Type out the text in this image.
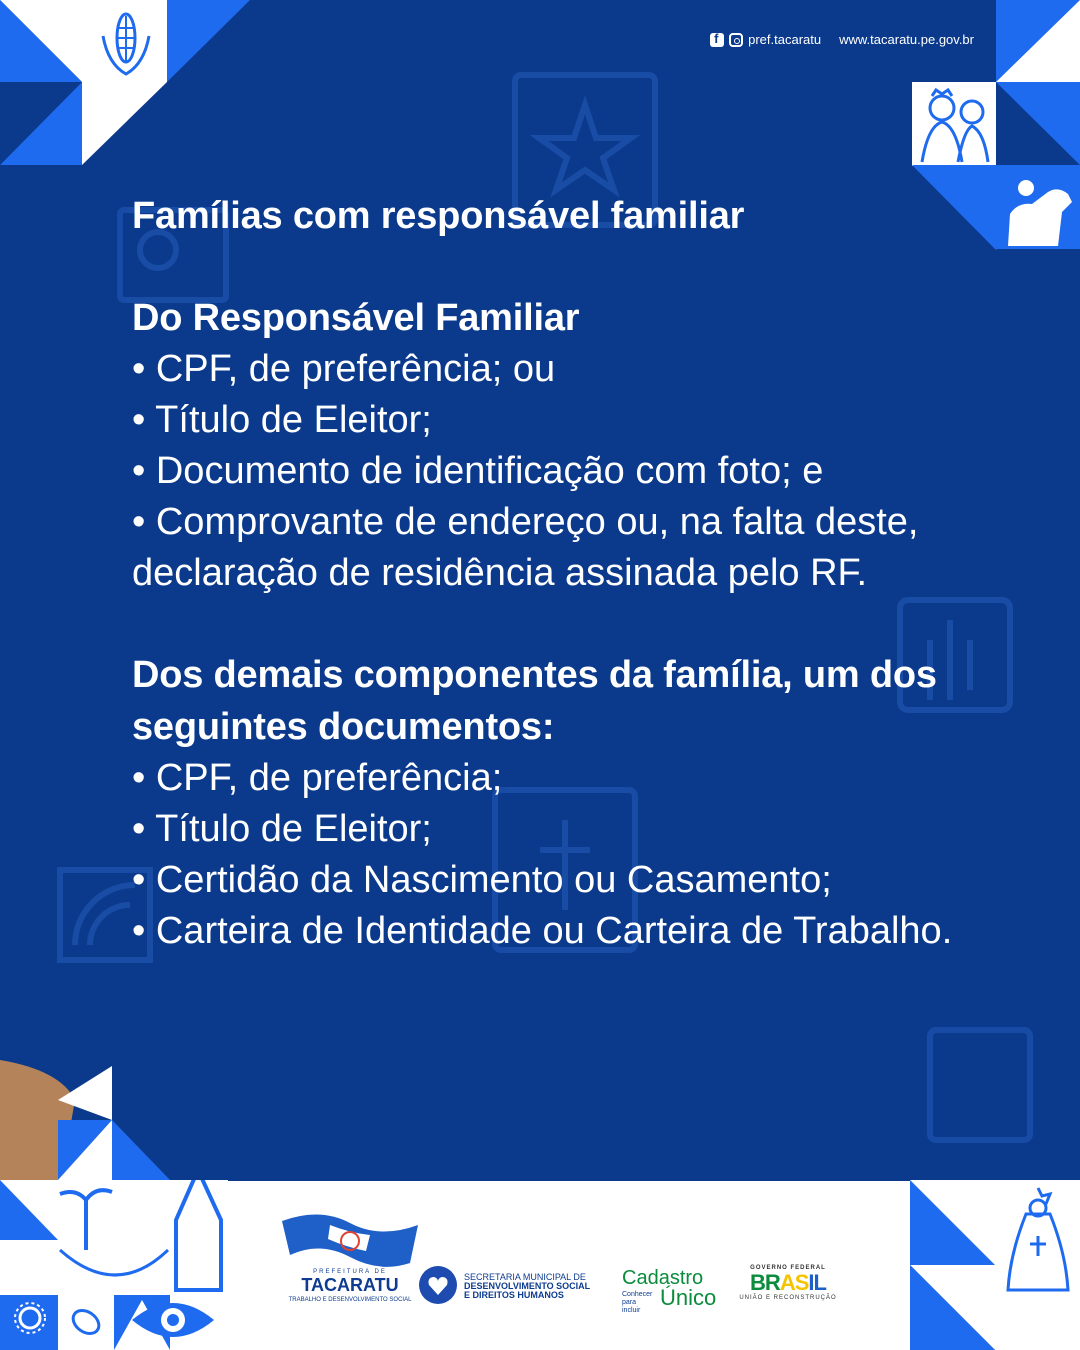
f
pref.tacaratu www.tacaratu.pe.gov.br
Famílias com responsável familiar
Do Responsável Familiar

• CPF, de preferência; ou

• Título de Eleitor;

• Documento de identificação com foto; e

• Comprovante de endereço ou, na falta deste, declaração de residência assinada pelo RF.

Dos demais componentes da família, um dos seguintes documentos:

• CPF, de preferência;

• Título de Eleitor;

• Certidão da Nascimento ou Casamento;

• Carteira de Identidade ou Carteira de Trabalho.

PREFEITURA DE
TACARATU
TRABALHO E DESENVOLVIMENTO SOCIAL
SECRETARIA MUNICIPAL DE
DESENVOLVIMENTO SOCIAL
E DIREITOS HUMANOS
Cadastro
Conhecer para incluir
Único
GOVERNO FEDERAL
BRASIL
UNIÃO E RECONSTRUÇÃO
